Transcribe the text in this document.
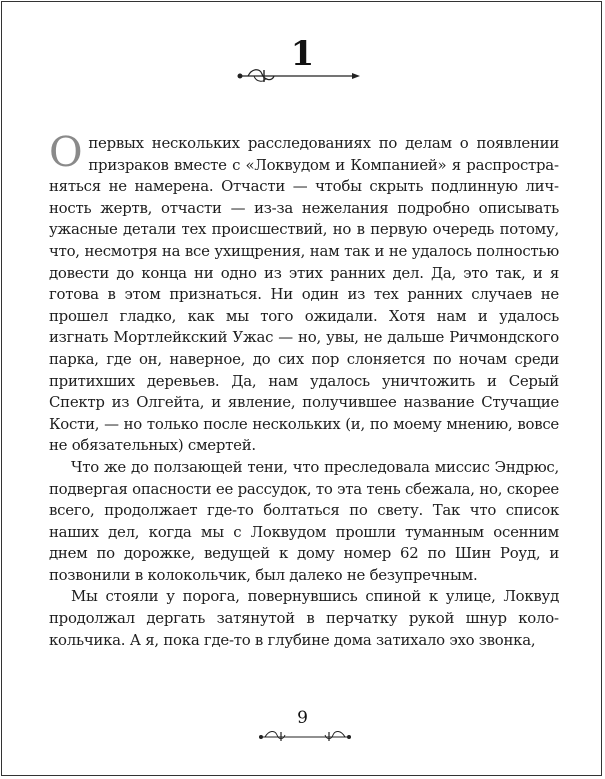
1

Опервых нескольких расследованиях по делам о появлении призраков вместе с «Локвудом и Компанией» я распространяться не намерена. Отчасти — чтобы скрыть подлинную личность жертв, отчасти — из-за нежелания подробно описывать ужасные детали тех происшествий, но в первую очередь потому, что, несмотря на все ухищрения, нам так и не удалось полностью довести до конца ни одно из этих ранних дел. Да, это так, и я готова в этом признаться. Ни один из тех ранних случаев не прошел гладко, как мы того ожидали. Хотя нам и удалось изгнать Мортлейкский Ужас — но, увы, не дальше Ричмондского парка, где он, наверное, до сих пор слоняется по ночам среди притихших деревьев. Да, нам удалось уничтожить и Серый Спектр из Олгейта, и явление, получившее название Стучащие Кости, — но только после нескольких (и, по моему мнению, вовсе не обязательных) смертей.

Что же до ползающей тени, что преследовала миссис Эндрюс, подвергая опасности ее рассудок, то эта тень сбежала, но, скорее всего, продолжает где-то болтаться по свету. Так что список наших дел, когда мы с Локвудом прошли туманным осенним днем по дорожке, ведущей к дому номер 62 по Шин Роуд, и позвонили в колокольчик, был далеко не безупречным.

Мы стояли у порога, повернувшись спиной к улице, Локвуд продолжал дергать затянутой в перчатку рукой шнур колокольчика. А я, пока где-то в глубине дома затихало эхо звонка,

9
